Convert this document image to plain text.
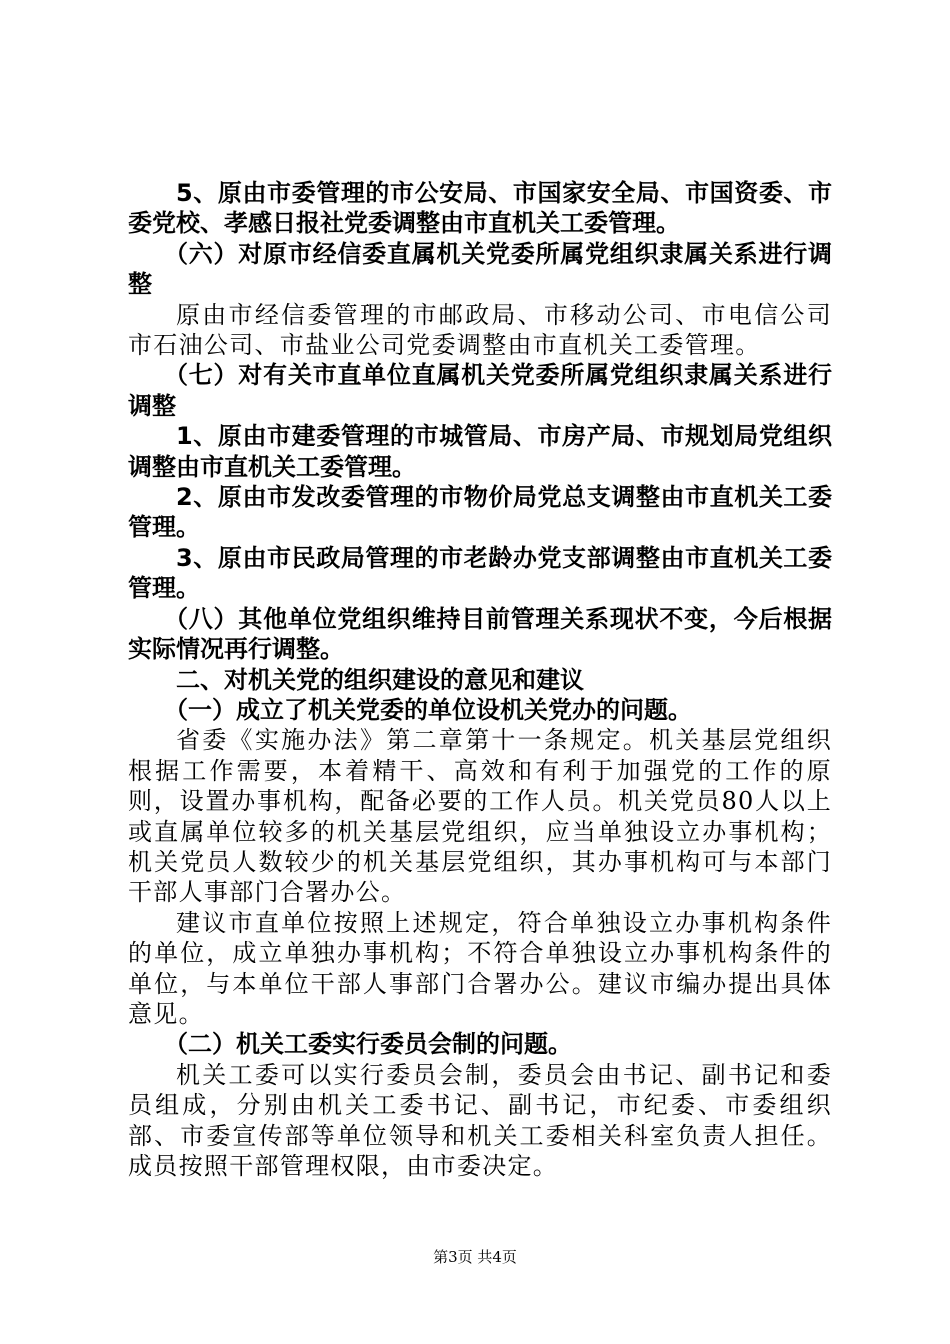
5、原由市委管理的市公安局、市国家安全局、市国资委、市委党校、孝感日报社党委调整由市直机关工委管理。

（六）对原市经信委直属机关党委所属党组织隶属关系进行调整

原由市经信委管理的市邮政局、市移动公司、市电信公司市石油公司、市盐业公司党委调整由市直机关工委管理。

（七）对有关市直单位直属机关党委所属党组织隶属关系进行调整

1、原由市建委管理的市城管局、市房产局、市规划局党组织调整由市直机关工委管理。

2、原由市发改委管理的市物价局党总支调整由市直机关工委管理。

3、原由市民政局管理的市老龄办党支部调整由市直机关工委管理。

（八）其他单位党组织维持目前管理关系现状不变，今后根据实际情况再行调整。

二、对机关党的组织建设的意见和建议

（一）成立了机关党委的单位设机关党办的问题。

省委《实施办法》第二章第十一条规定。机关基层党组织根据工作需要，本着精干、高效和有利于加强党的工作的原则，设置办事机构，配备必要的工作人员。机关党员80人以上或直属单位较多的机关基层党组织，应当单独设立办事机构；机关党员人数较少的机关基层党组织，其办事机构可与本部门干部人事部门合署办公。

建议市直单位按照上述规定，符合单独设立办事机构条件的单位，成立单独办事机构；不符合单独设立办事机构条件的单位，与本单位干部人事部门合署办公。建议市编办提出具体意见。

（二）机关工委实行委员会制的问题。

机关工委可以实行委员会制，委员会由书记、副书记和委员组成，分别由机关工委书记、副书记，市纪委、市委组织部、市委宣传部等单位领导和机关工委相关科室负责人担任。成员按照干部管理权限，由市委决定。

第3页 共4页
